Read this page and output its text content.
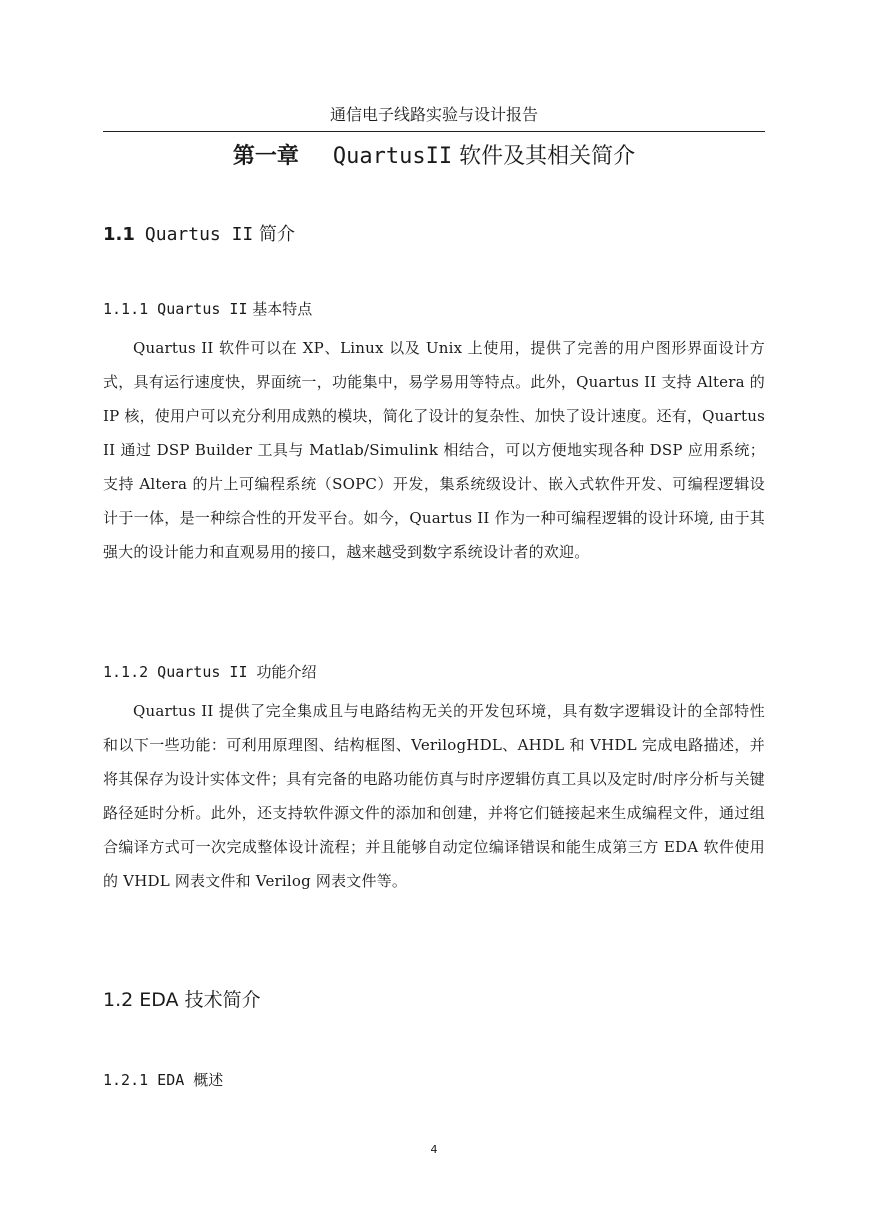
通信电子线路实验与设计报告
第一章 QuartusII 软件及其相关简介
1.1 Quartus II 简介
1.1.1 Quartus II 基本特点

Quartus II 软件可以在 XP、Linux 以及 Unix 上使用，提供了完善的用户图形界面设计方式，具有运行速度快，界面统一，功能集中，易学易用等特点。此外，Quartus II 支持 Altera 的 IP 核，使用户可以充分利用成熟的模块，简化了设计的复杂性、加快了设计速度。还有，Quartus II 通过 DSP Builder 工具与 Matlab/Simulink 相结合，可以方便地实现各种 DSP 应用系统；支持 Altera 的片上可编程系统（SOPC）开发，集系统级设计、嵌入式软件开发、可编程逻辑设计于一体，是一种综合性的开发平台。如今，Quartus II 作为一种可编程逻辑的设计环境, 由于其强大的设计能力和直观易用的接口，越来越受到数字系统设计者的欢迎。

1.1.2 Quartus II 功能介绍

Quartus II 提供了完全集成且与电路结构无关的开发包环境，具有数字逻辑设计的全部特性和以下一些功能：可利用原理图、结构框图、VerilogHDL、AHDL 和 VHDL 完成电路描述，并将其保存为设计实体文件；具有完备的电路功能仿真与时序逻辑仿真工具以及定时/时序分析与关键路径延时分析。此外，还支持软件源文件的添加和创建，并将它们链接起来生成编程文件，通过组合编译方式可一次完成整体设计流程；并且能够自动定位编译错误和能生成第三方 EDA 软件使用的 VHDL 网表文件和 Verilog 网表文件等。

1.2 EDA 技术简介
1.2.1 EDA 概述
4
